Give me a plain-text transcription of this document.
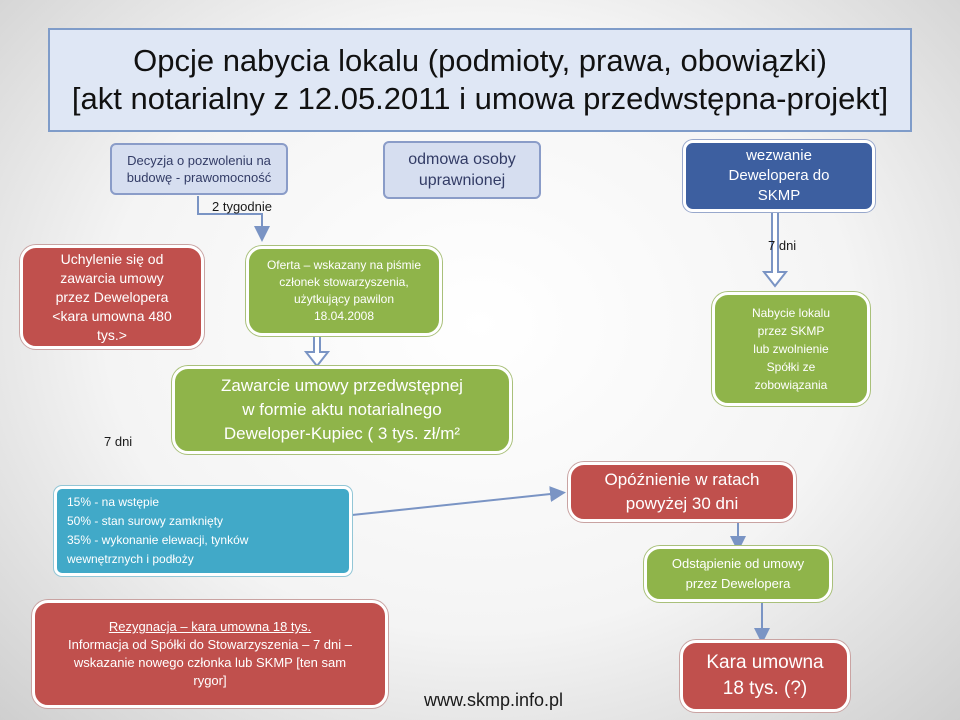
Opcje nabycia lokalu (podmioty, prawa, obowiązki)
[akt notarialny z 12.05.2011 i umowa przedwstępna-projekt]
Decyzja o pozwoleniu na
budowę - prawomocność
odmowa osoby
uprawnionej
wezwanie
Dewelopera do
SKMP
Uchylenie się od
zawarcia umowy
przez Dewelopera
<kara umowna 480
tys.>
Opóźnienie w ratach
powyżej 30 dni
Rezygnacja – kara umowna 18 tys.
Informacja od Spółki do Stowarzyszenia – 7 dni –
wskazanie nowego członka lub SKMP [ten sam
rygor]
Kara umowna
18 tys. (?)
Oferta – wskazany na piśmie
członek stowarzyszenia,
użytkujący pawilon
18.04.2008
Zawarcie umowy przedwstępnej
w formie aktu notarialnego
Deweloper-Kupiec ( 3 tys. zł/m²
Nabycie lokalu
przez SKMP
lub zwolnienie
Spółki ze
zobowiązania
Odstąpienie od umowy
przez Dewelopera
15% - na wstępie
50% - stan surowy zamknięty
35% - wykonanie elewacji, tynków
wewnętrznych i podłoży
2 tygodnie
7 dni
7 dni
www.skmp.info.pl
